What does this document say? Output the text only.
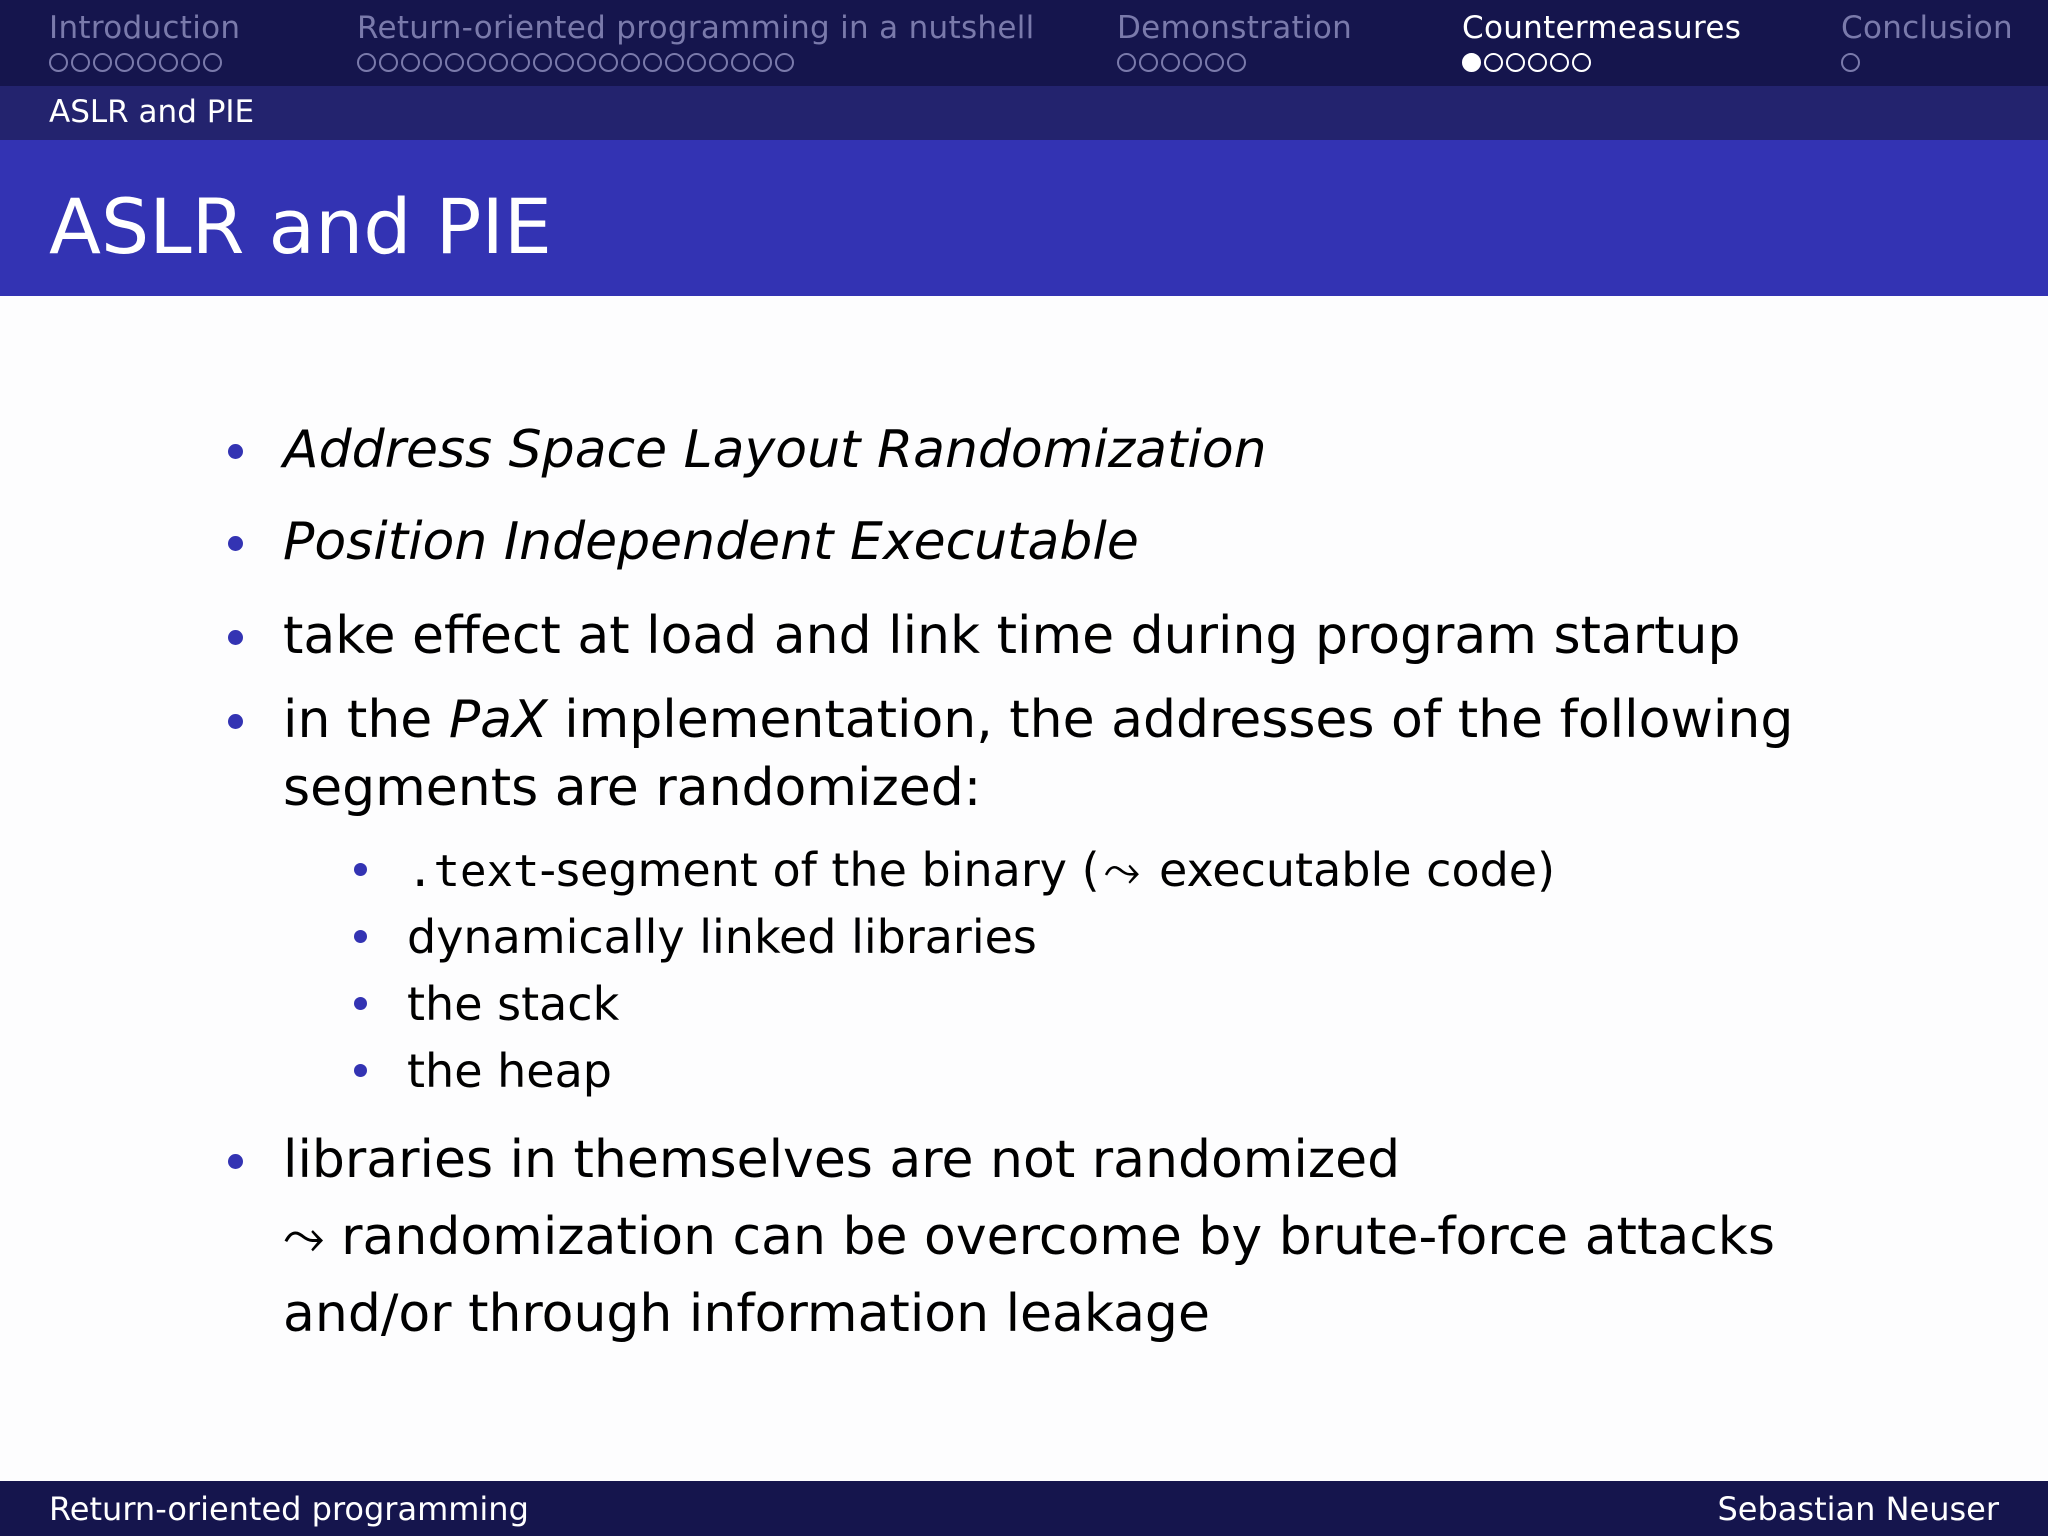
Introduction	Return-oriented programming in a nutshell	Demonstration	Countermeasures	Conclusion
ASLR and PIE
ASLR and PIE
Address Space Layout Randomization
Position Independent Executable
take effect at load and link time during program startup
in the PaX implementation, the addresses of the following
segments are randomized:
.text-segment of the binary (⤳ executable code)
dynamically linked libraries
the stack
the heap
libraries in themselves are not randomized
⤳ randomization can be overcome by brute-force attacks
and/or through information leakage
Return-oriented programming	Sebastian Neuser
